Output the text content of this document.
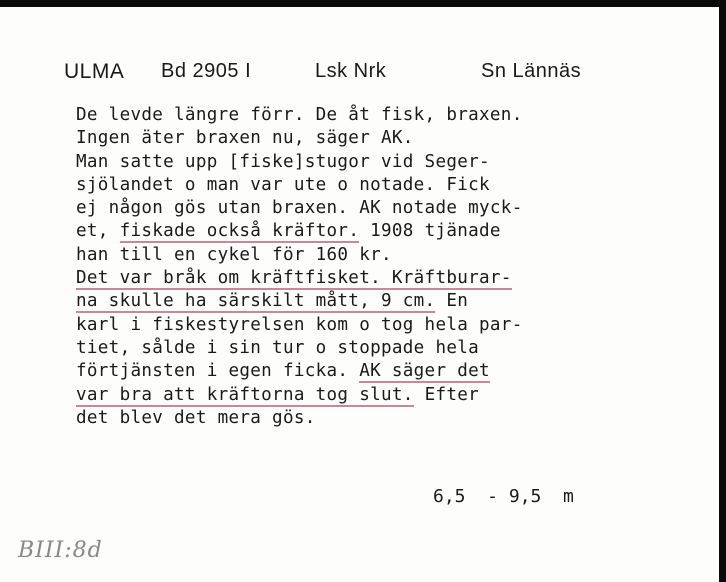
ULMA Bd 2905 I	Lsk Nrk	Sn Lännäs
De levde längre förr. De åt fisk, braxen.
Ingen äter braxen nu, säger AK.
Man satte upp [fiske]stugor vid Seger-
sjölandet o man var ute o notade. Fick
ej någon gös utan braxen. AK notade myck-
et, fiskade också kräftor. 1908 tjänade
han till en cykel för 160 kr.
Det var bråk om kräftfisket. Kräftburar-
na skulle ha särskilt mått, 9 cm. En
karl i fiskestyrelsen kom o tog hela par-
tiet, sålde i sin tur o stoppade hela
förtjänsten i egen ficka. AK säger det
var bra att kräftorna tog slut. Efter
det blev det mera gös.
6,5  - 9,5  m
BIII:8d
